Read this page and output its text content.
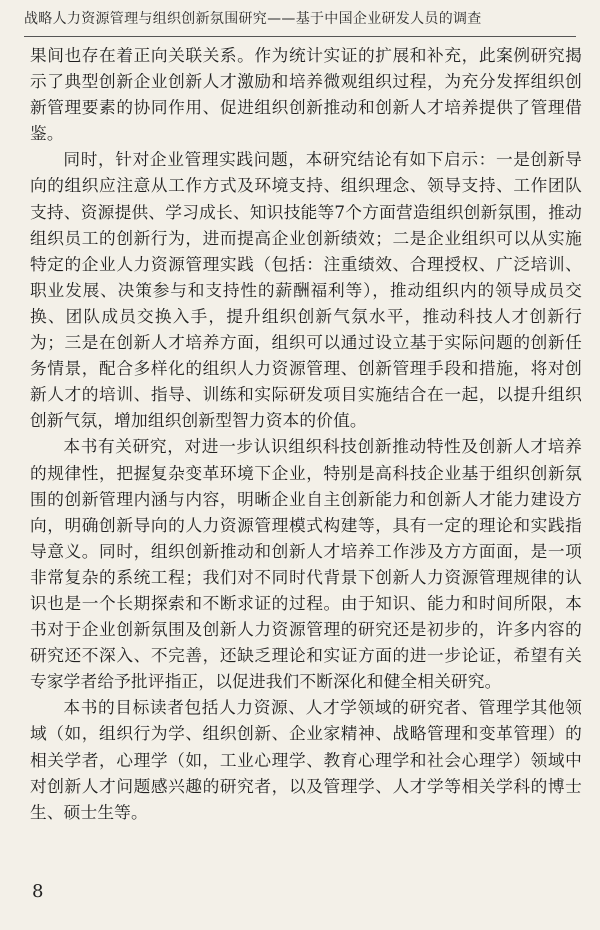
战略人力资源管理与组织创新氛围研究——基于中国企业研发人员的调查

果间也存在着正向关联关系。作为统计实证的扩展和补充，此案例研究揭示了典型创新企业创新人才激励和培养微观组织过程，为充分发挥组织创新管理要素的协同作用、促进组织创新推动和创新人才培养提供了管理借鉴。

同时，针对企业管理实践问题，本研究结论有如下启示：一是创新导向的组织应注意从工作方式及环境支持、组织理念、领导支持、工作团队支持、资源提供、学习成长、知识技能等7个方面营造组织创新氛围，推动组织员工的创新行为，进而提高企业创新绩效；二是企业组织可以从实施特定的企业人力资源管理实践（包括：注重绩效、合理授权、广泛培训、职业发展、决策参与和支持性的薪酬福利等），推动组织内的领导成员交换、团队成员交换入手，提升组织创新气氛水平，推动科技人才创新行为；三是在创新人才培养方面，组织可以通过设立基于实际问题的创新任务情景，配合多样化的组织人力资源管理、创新管理手段和措施，将对创新人才的培训、指导、训练和实际研发项目实施结合在一起，以提升组织创新气氛，增加组织创新型智力资本的价值。

本书有关研究，对进一步认识组织科技创新推动特性及创新人才培养的规律性，把握复杂变革环境下企业，特别是高科技企业基于组织创新氛围的创新管理内涵与内容，明晰企业自主创新能力和创新人才能力建设方向，明确创新导向的人力资源管理模式构建等，具有一定的理论和实践指导意义。同时，组织创新推动和创新人才培养工作涉及方方面面，是一项非常复杂的系统工程；我们对不同时代背景下创新人力资源管理规律的认识也是一个长期探索和不断求证的过程。由于知识、能力和时间所限，本书对于企业创新氛围及创新人力资源管理的研究还是初步的，许多内容的研究还不深入、不完善，还缺乏理论和实证方面的进一步论证，希望有关专家学者给予批评指正，以促进我们不断深化和健全相关研究。

本书的目标读者包括人力资源、人才学领域的研究者、管理学其他领域（如，组织行为学、组织创新、企业家精神、战略管理和变革管理）的相关学者，心理学（如，工业心理学、教育心理学和社会心理学）领域中对创新人才问题感兴趣的研究者，以及管理学、人才学等相关学科的博士生、硕士生等。

8
